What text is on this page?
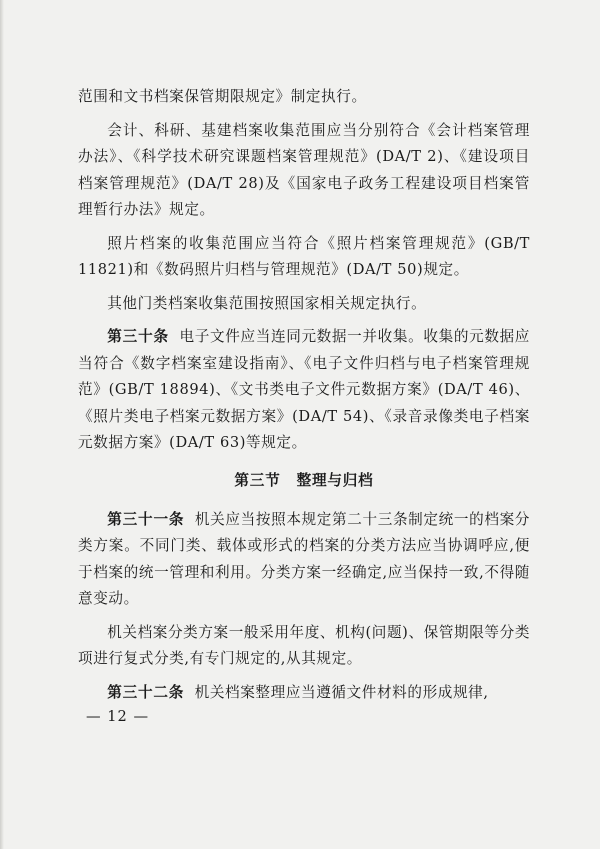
范围和文书档案保管期限规定》制定执行。

会计、科研、基建档案收集范围应当分别符合《会计档案管理办法》、《科学技术研究课题档案管理规范》(DA/T 2)、《建设项目档案管理规范》(DA/T 28)及《国家电子政务工程建设项目档案管理暂行办法》规定。

照片档案的收集范围应当符合《照片档案管理规范》(GB/T 11821)和《数码照片归档与管理规范》(DA/T 50)规定。

其他门类档案收集范围按照国家相关规定执行。

第三十条 电子文件应当连同元数据一并收集。收集的元数据应当符合《数字档案室建设指南》、《电子文件归档与电子档案管理规范》(GB/T 18894)、《文书类电子文件元数据方案》(DA/T 46)、《照片类电子档案元数据方案》(DA/T 54)、《录音录像类电子档案元数据方案》(DA/T 63)等规定。

第三节 整理与归档

第三十一条 机关应当按照本规定第二十三条制定统一的档案分类方案。不同门类、载体或形式的档案的分类方法应当协调呼应,便于档案的统一管理和利用。分类方案一经确定,应当保持一致,不得随意变动。

机关档案分类方案一般采用年度、机构(问题)、保管期限等分类项进行复式分类,有专门规定的,从其规定。

第三十二条 机关档案整理应当遵循文件材料的形成规律,

— 12 —
